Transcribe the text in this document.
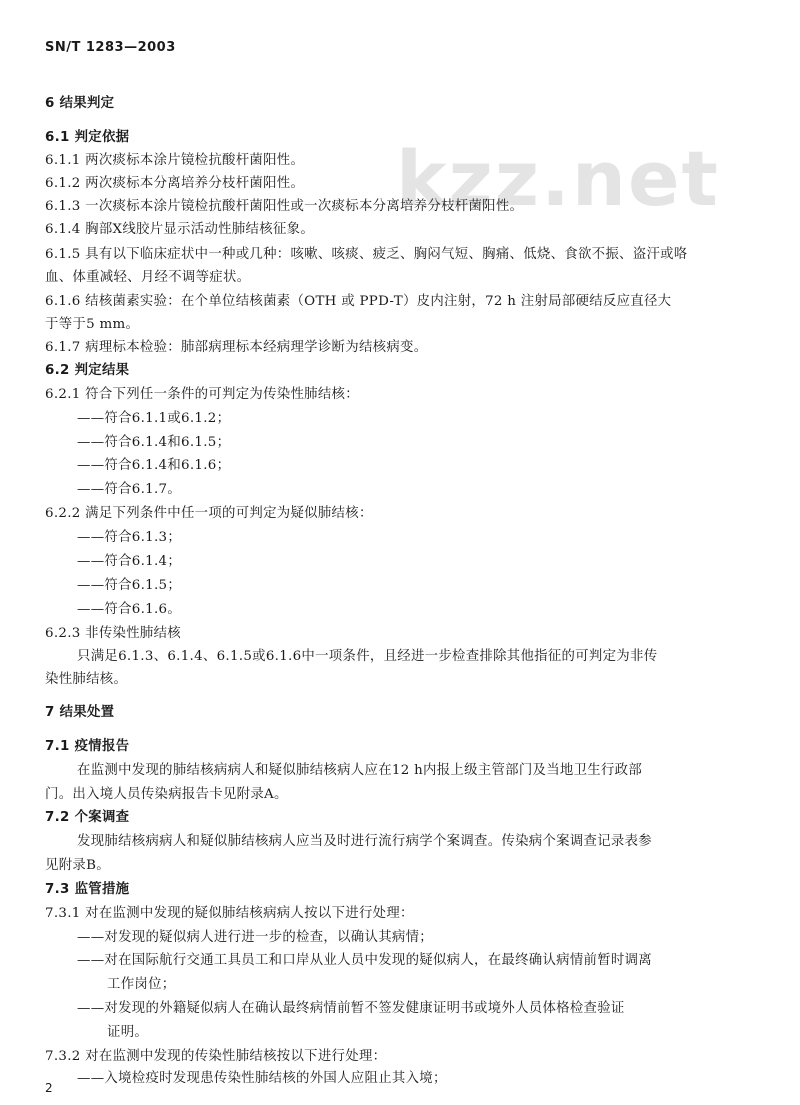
kzz.net
SN/T 1283—2003
6 结果判定
6.1 判定依据
6.1.1 两次痰标本涂片镜检抗酸杆菌阳性。
6.1.2 两次痰标本分离培养分枝杆菌阳性。
6.1.3 一次痰标本涂片镜检抗酸杆菌阳性或一次痰标本分离培养分枝杆菌阳性。
6.1.4 胸部X线胶片显示活动性肺结核征象。
6.1.5 具有以下临床症状中一种或几种：咳嗽、咳痰、疲乏、胸闷气短、胸痛、低烧、食欲不振、盗汗或咯
血、体重减轻、月经不调等症状。
6.1.6 结核菌素实验：在个单位结核菌素（OTH 或 PPD-T）皮内注射，72 h 注射局部硬结反应直径大
于等于5 mm。
6.1.7 病理标本检验：肺部病理标本经病理学诊断为结核病变。
6.2 判定结果
6.2.1 符合下列任一条件的可判定为传染性肺结核：
——符合6.1.1或6.1.2；
——符合6.1.4和6.1.5；
——符合6.1.4和6.1.6；
——符合6.1.7。
6.2.2 满足下列条件中任一项的可判定为疑似肺结核：
——符合6.1.3；
——符合6.1.4；
——符合6.1.5；
——符合6.1.6。
6.2.3 非传染性肺结核
只满足6.1.3、6.1.4、6.1.5或6.1.6中一项条件，且经进一步检查排除其他指征的可判定为非传
染性肺结核。
7 结果处置
7.1 疫情报告
在监测中发现的肺结核病病人和疑似肺结核病人应在12 h内报上级主管部门及当地卫生行政部
门。出入境人员传染病报告卡见附录A。
7.2 个案调查
发现肺结核病病人和疑似肺结核病人应当及时进行流行病学个案调查。传染病个案调查记录表参
见附录B。
7.3 监管措施
7.3.1 对在监测中发现的疑似肺结核病病人按以下进行处理：
——对发现的疑似病人进行进一步的检查，以确认其病情；
——对在国际航行交通工具员工和口岸从业人员中发现的疑似病人，在最终确认病情前暂时调离
工作岗位；
——对发现的外籍疑似病人在确认最终病情前暂不签发健康证明书或境外人员体格检查验证
证明。
7.3.2 对在监测中发现的传染性肺结核按以下进行处理：
——入境检疫时发现患传染性肺结核的外国人应阻止其入境；
2
